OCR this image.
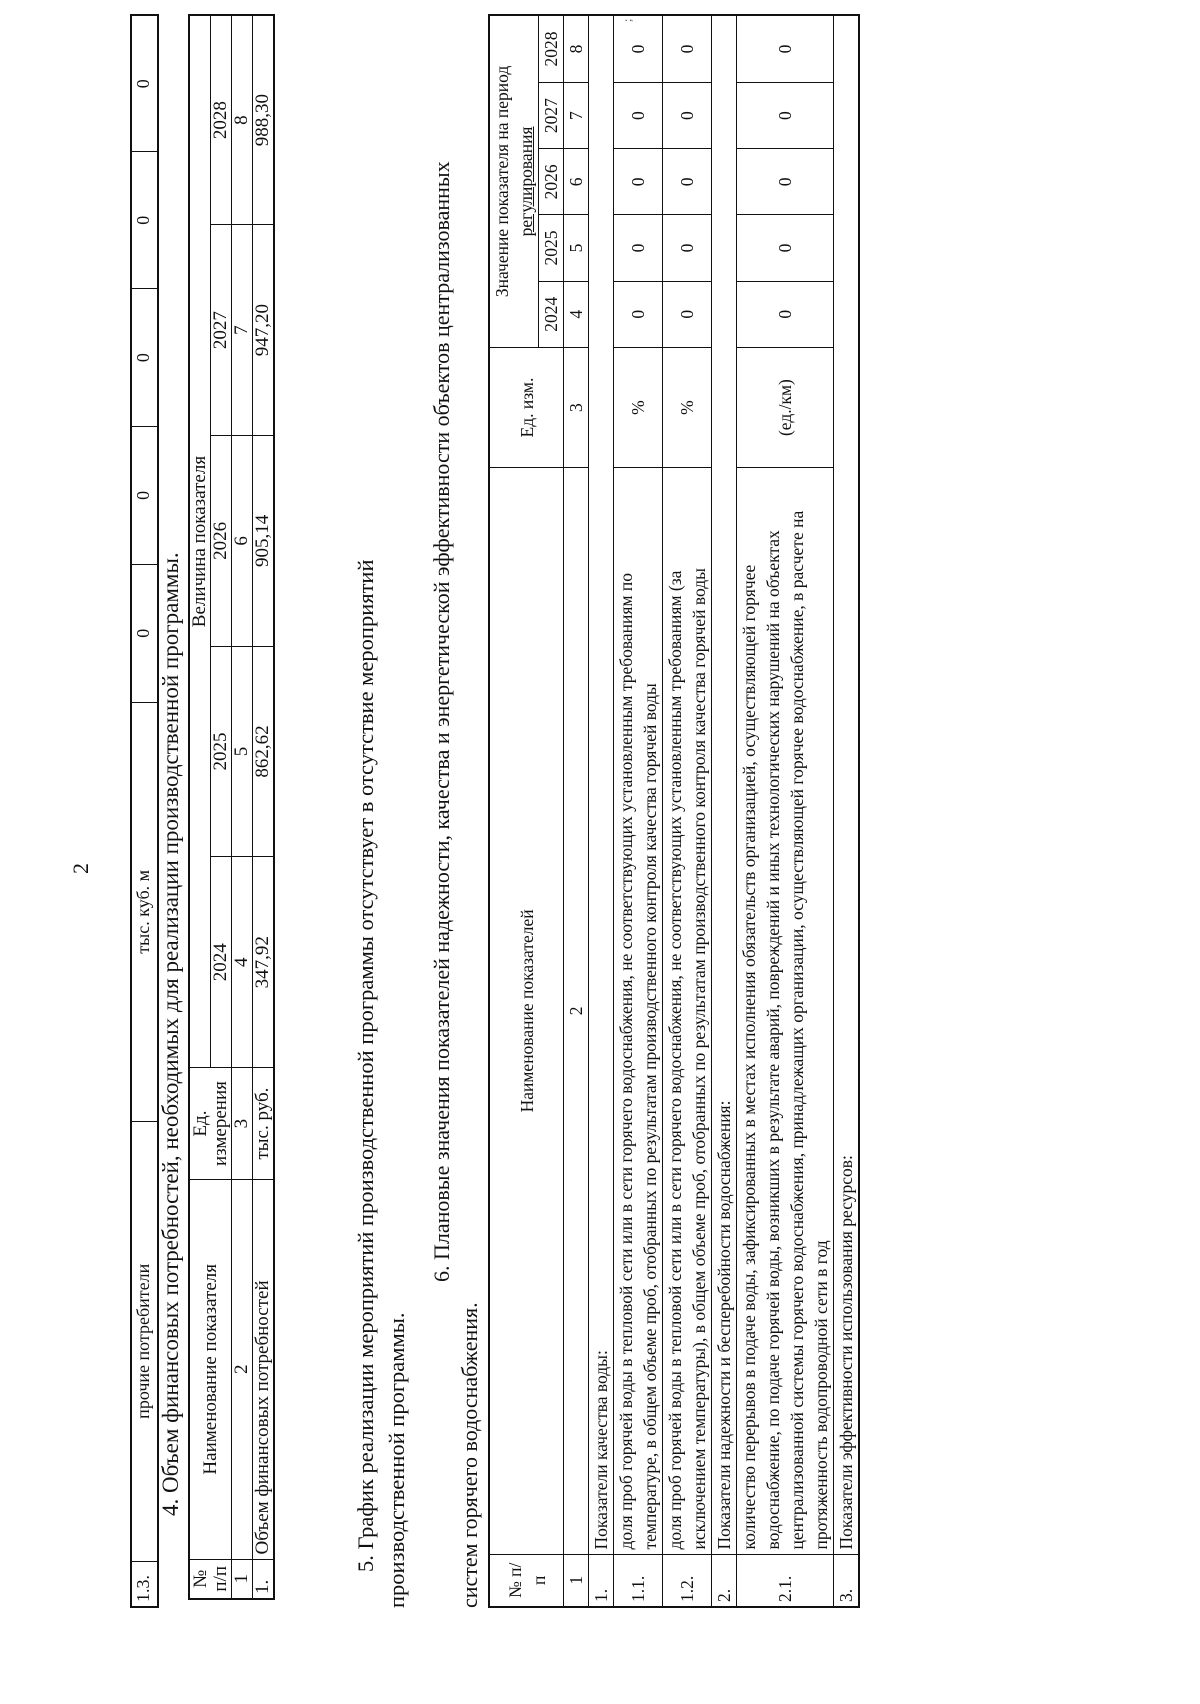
2
;
1.3.	прочие потребители	тыс. куб. м	0	0	0	0	0
4. Объем финансовых потребностей, необходимых для реализации производственной программы.
№ п/п	Наименование показателя	Ед. измерения	Величина показателя				
			2024	2025	2026	2027	2028
1	2	3	4	5	6	7	8
1.	Объем финансовых потребностей	тыс. руб.	347,92	862,62	905,14	947,20	988,30
5. График реализации мероприятий производственной программы отсутствует в отсутствие мероприятий производственной программы.
6. Плановые значения показателей надежности, качества и энергетической эффективности объектов централизованных
систем горячего водоснабжения. № п/п	Наименование показателей	Ед. изм.	Значение показателя на период регулирования				
			2024	2025	2026	2027	2028
1	2	3	4	5	6	7	8
1.	Показатели качества воды:						
1.1.	доля проб горячей воды в тепловой сети или в сети горячего водоснабжения, не соответствующих установленным требованиям по температуре, в общем объеме проб, отобранных по результатам производственного контроля качества горячей воды	%	0	0	0	0	0
1.2.	доля проб горячей воды в тепловой сети или в сети горячего водоснабжения, не соответствующих установленным требованиям (за исключением температуры), в общем объеме проб, отобранных по результатам производственного контроля качества горячей воды	%	0	0	0	0	0
2.	Показатели надежности и бесперебойности водоснабжения:						
2.1.	количество перерывов в подаче воды, зафиксированных в местах исполнения обязательств организацией, осуществляющей горячее водоснабжение, по подаче горячей воды, возникших в результате аварий, повреждений и иных технологических нарушений на объектах централизованной системы горячего водоснабжения, принадлежащих организации, осуществляющей горячее водоснабжение, в расчете на протяженность водопроводной сети в год	(ед./км)	0	0	0	0	0
3.	Показатели эффективности использования ресурсов:						
